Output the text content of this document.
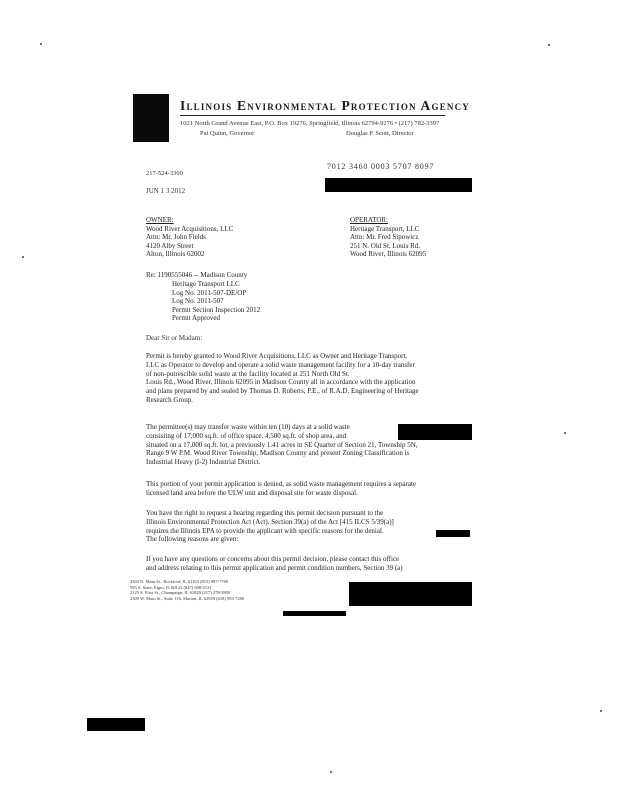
Illinois Environmental Protection Agency
1021 North Grand Avenue East, P.O. Box 19276, Springfield, Illinois 62794-9276 • (217) 782-3397
Pat Quinn, Governor	Douglas P. Scott, Director
7012 3460 0003 5707 8097
217-524-3300
JUN 1 3 2012
OWNER:
Wood River Acquisitions, LLC
Attn: Mr. John Fields
4120 Alby Street
Alton, Illinois 62002
OPERATOR:
Heritage Transport, LLC
Attn: Mr. Fred Sipowicz
251 N. Old St. Louis Rd.
Wood River, Illinois 62095
Re: 1190555046 -- Madison County
Heritage Transport LLC
Log No. 2011-507-DE/OP
Log No. 2011-507
Permit Section Inspection 2012
Permit Approved
Dear Sir or Madam:
Permit is hereby granted to Wood River Acquisitions, LLC as Owner and Heritage Transport,
LLC as Operator to develop and operate a solid waste management facility for a 10-day transfer
of non-putrescible solid waste at the facility located at 251 North Old St.
Louis Rd., Wood River, Illinois 62095 in Madison County all in accordance with the application
and plans prepared by and sealed by Thomas D. Roberts, P.E., of R.A.D. Engineering of Heritage
Research Group.
The permittee(s) may transfer waste within ten (10) days at a solid waste
consisting of 17,000 sq.ft. of office space, 4,500 sq.ft. of shop area, and
situated on a 17,000 sq.ft. lot, a previously 1.41 acres in SE Quarter of Section 21, Township 5N,
Range 9 W P.M. Wood River Township, Madison County and present Zoning Classification is
Industrial Heavy (I-2) Industrial District.
This portion of your permit application is denied, as solid waste management requires a separate
licensed land area before the ULW unit and disposal site for waste disposal.
You have the right to request a hearing regarding this permit decision pursuant to the
Illinois Environmental Protection Act (Act). Section 39(a) of the Act [415 ILCS 5/39(a)]
requires the Illinois EPA to provide the applicant with specific reasons for the denial.
The following reasons are given:
If you have any questions or concerns about this permit decision, please contact this office
and address relating to this permit application and permit condition numbers, Section 39 (a)
4302 N. Main St., Rockford, IL 61103 (815) 987-7760
595 S. State, Elgin, IL 60123 (847) 608-3131
2125 S. First St., Champaign, IL 61820 (217) 278-5800
2309 W. Main St., Suite 116, Marion, IL 62959 (618) 993-7200
